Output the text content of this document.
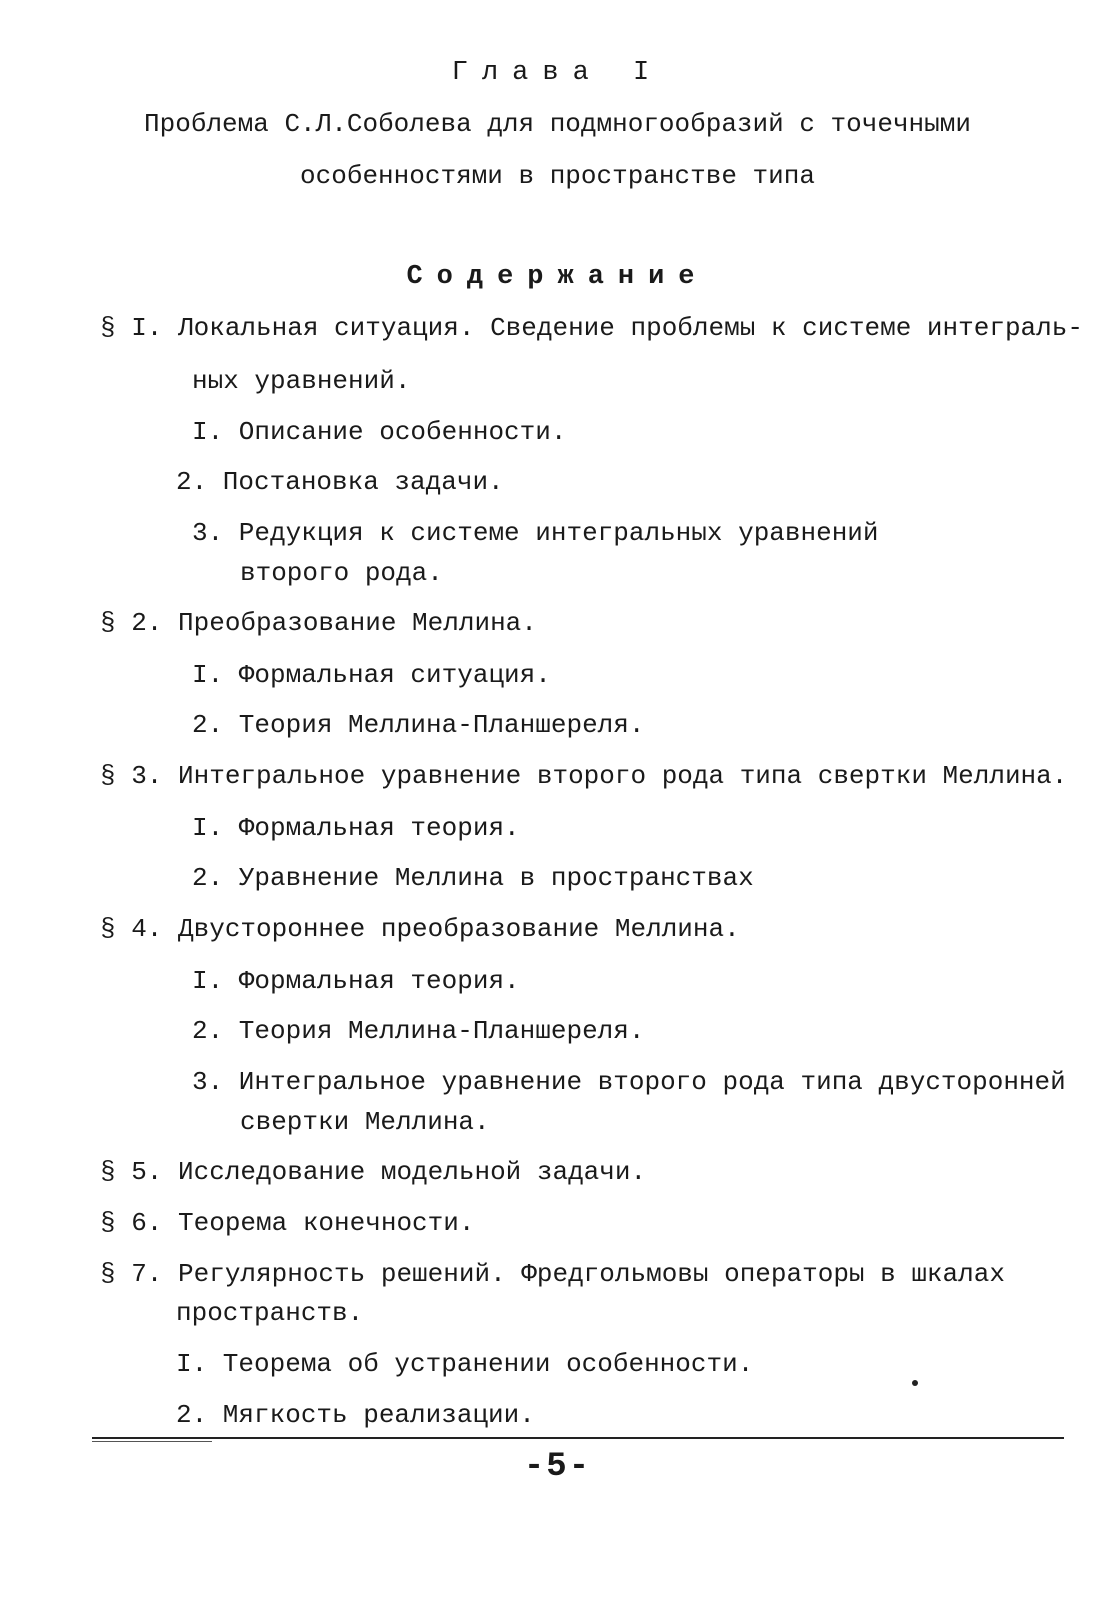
Глава I
Проблема С.Л.Соболева для подмногообразий с точечными
особенностями в пространстве типа
Содержание
§ I. Локальная ситуация. Сведение проблемы к системе интеграль-
ных уравнений.
I. Описание особенности.
2. Постановка задачи.
3. Редукция к системе интегральных уравнений
второго рода.
§ 2. Преобразование Меллина.
I. Формальная ситуация.
2. Теория Меллина-Планшереля.
§ 3. Интегральное уравнение второго рода типа свертки Меллина.
I. Формальная теория.
2. Уравнение Меллина в пространствах
§ 4. Двустороннее преобразование Меллина.
I. Формальная теория.
2. Теория Меллина-Планшереля.
3. Интегральное уравнение второго рода типа двусторонней
свертки Меллина.
§ 5. Исследование модельной задачи.
§ 6. Теорема конечности.
§ 7. Регулярность решений. Фредгольмовы операторы в шкалах
пространств.
I. Теорема об устранении особенности.
2. Мягкость реализации.
-5-
